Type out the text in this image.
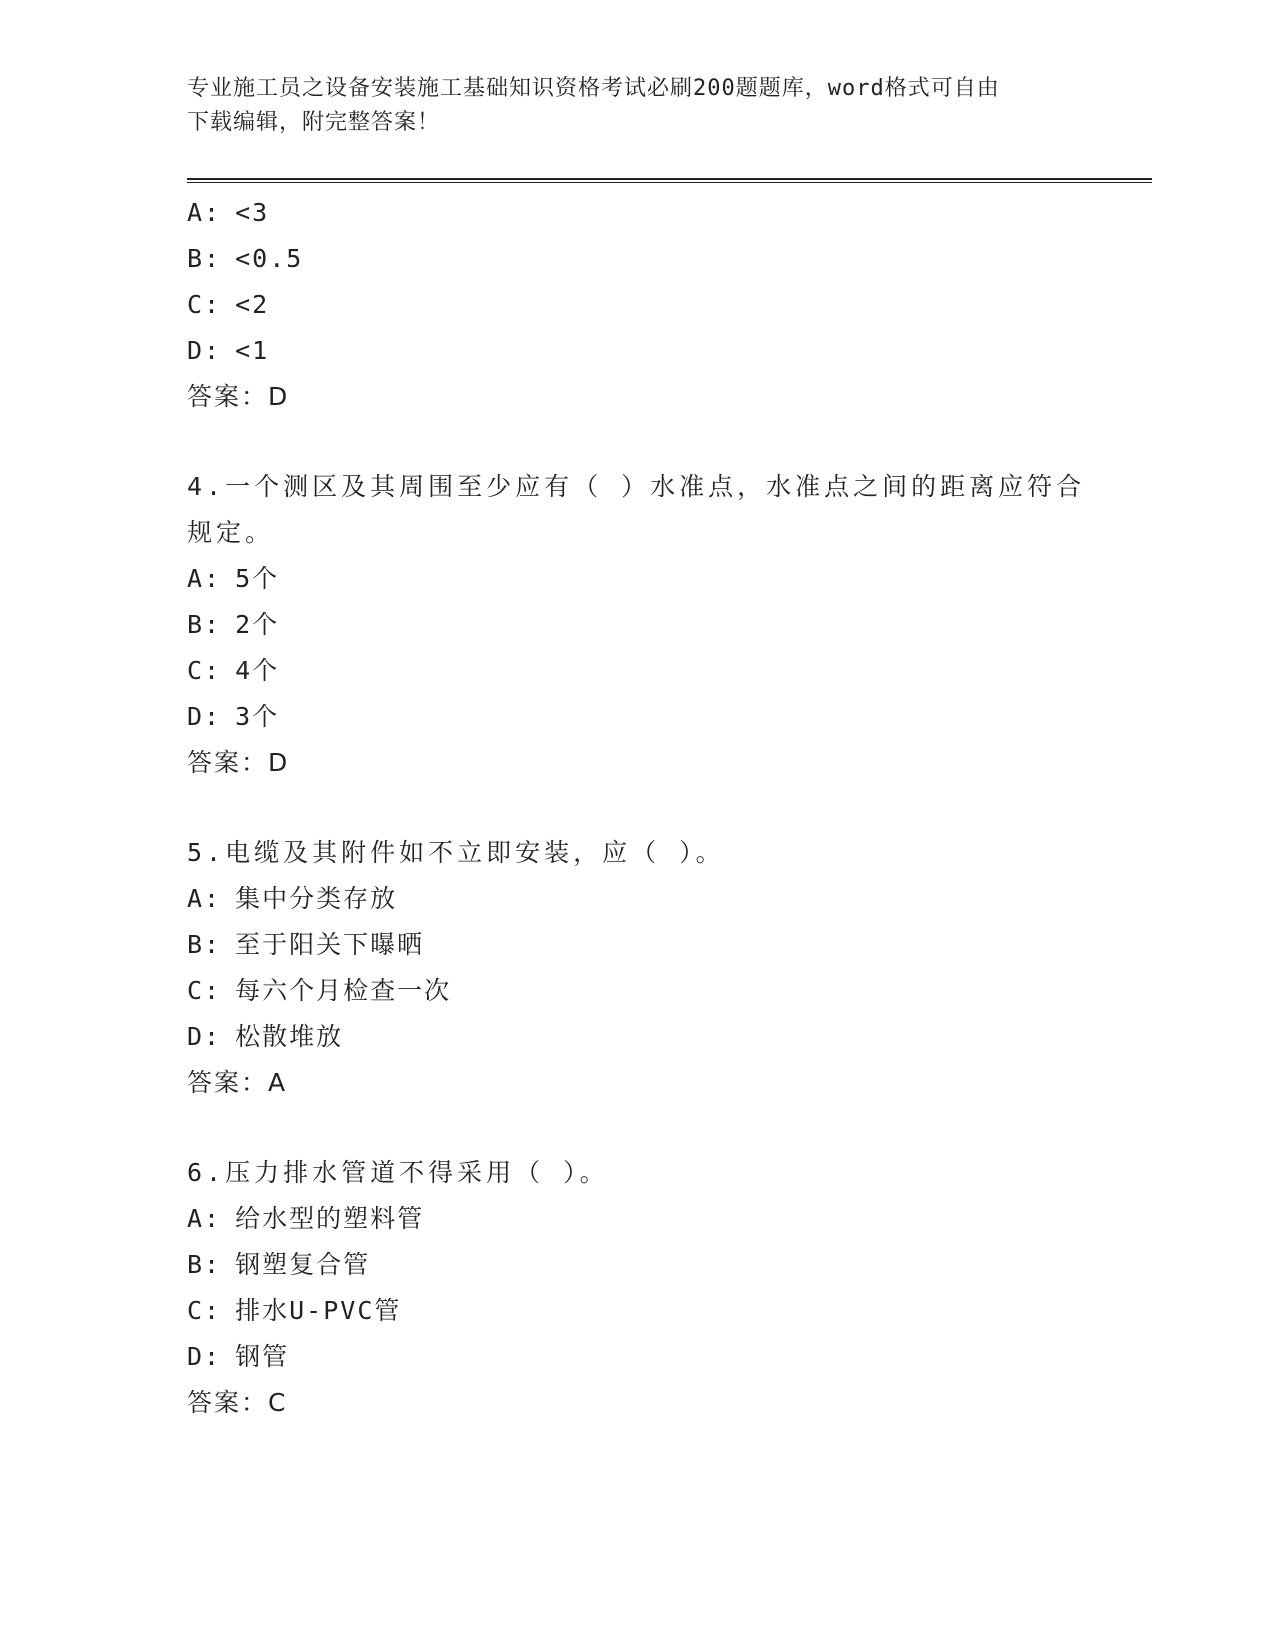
专业施工员之设备安装施工基础知识资格考试必刷200题题库，word格式可自由
下载编辑，附完整答案！
A: <3
B: <0.5
C: <2
D: <1
答案：D
4.一个测区及其周围至少应有（ ）水准点，水准点之间的距离应符合
规定。
A: 5个
B: 2个
C: 4个
D: 3个
答案：D
5.电缆及其附件如不立即安装，应（ ）。
A: 集中分类存放
B: 至于阳关下曝晒
C: 每六个月检查一次
D: 松散堆放
答案：A
6.压力排水管道不得采用（ ）。
A: 给水型的塑料管
B: 钢塑复合管
C: 排水U-PVC管
D: 钢管
答案：C
